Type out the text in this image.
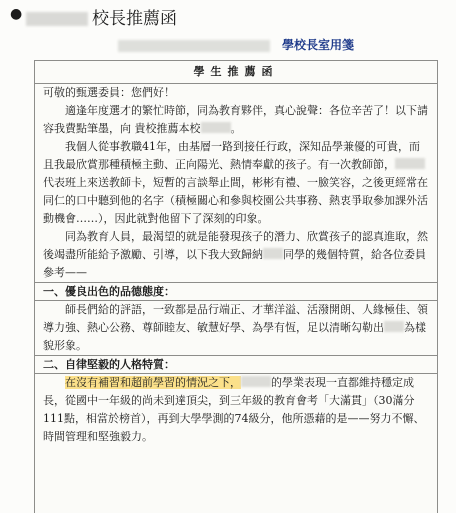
●	校長推薦函
學校長室用箋
學生推薦函

可敬的甄選委員：您們好！

適逢年度選才的繁忙時節，同為教育夥伴，真心說聲：各位辛苦了！以下請容我費點筆墨，向 貴校推薦本校	。

我個人從事教職41年，由基層一路到接任行政，深知品學兼優的可貴，而且我最欣賞那種積極主動、正向陽光、熱情奉獻的孩子。有一次教師節，代表班上來送教師卡，短暫的言談舉止間，彬彬有禮、一臉笑容，之後更經常在同仁的口中聽到他的名字（積極關心和參與校園公共事務、熱衷爭取參加課外活動機會……），因此就對他留下了深刻的印象。

同為教育人員，最渴望的就是能發現孩子的潛力、欣賞孩子的認真進取，然後竭盡所能給予激勵、引導，以下我大致歸納 同學的幾個特質，給各位委員參考——

一、優良出色的品德態度：

師長們給的評語，一致都是品行端正、才華洋溢、活潑開朗、人緣極佳、領導力強、熱心公務、尊師睦友、敏慧好學、為學有恆，足以清晰勾勒出 為樣貌形象。

二、自律堅毅的人格特質：

在沒有補習和超前學習的情況之下，	的學業表現一直都維持穩定成長，從國中一年級的尚未到達頂尖，到三年級的教育會考「大滿貫」（30滿分111點，相當於榜首），再到大學學測的74級分，他所憑藉的是——努力不懈、時間管理和堅強毅力。
